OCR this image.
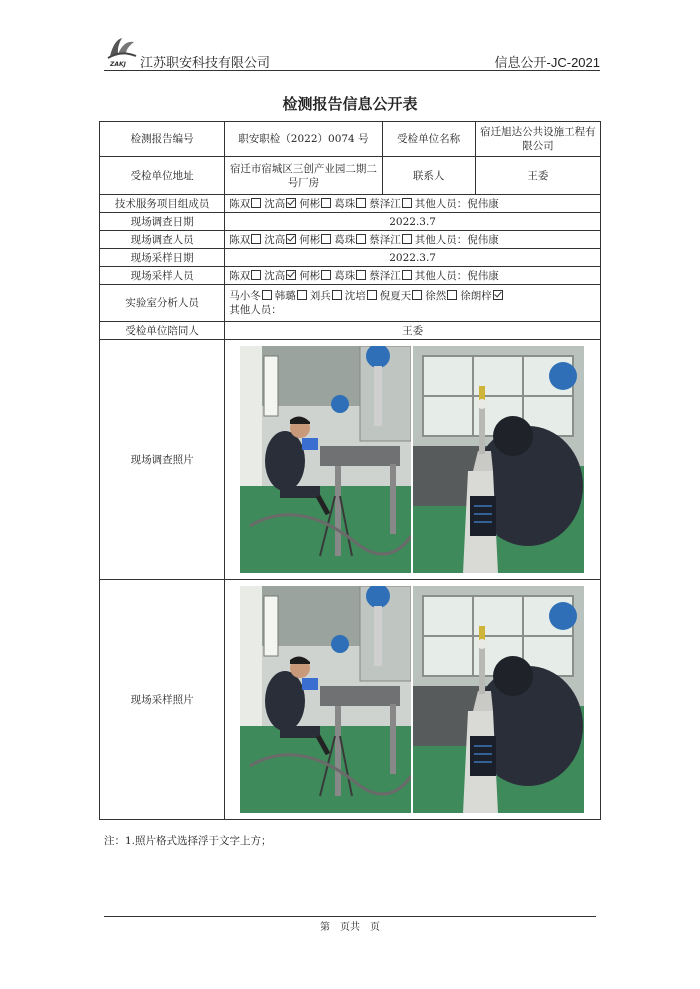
ZAKJ 江苏职安科技有限公司	信息公开-JC-2021
检测报告信息公开表
检测报告编号	职安职检（2022）0074 号	受检单位名称	宿迁旭达公共设施工程有限公司
受检单位地址	宿迁市宿城区三创产业园二期二号厂房	联系人	王委
技术服务项目组成员	陈双 沈高 何彬 葛珠 蔡泽江 其他人员：倪伟康		
现场调查日期	2022.3.7		
现场调查人员	陈双 沈高 何彬 葛珠 蔡泽江 其他人员：倪伟康		
现场采样日期	2022.3.7		
现场采样人员	陈双 沈高 何彬 葛珠 蔡泽江 其他人员：倪伟康		
实验室分析人员	马小冬 韩璐 刘兵 沈培 倪夏天 徐然 徐朗梓
其他人员：		

受检单位陪同人	王委		
现场调查照片	

现场采样照片	
注：1.照片格式选择浮于文字上方；
第　页共　页
